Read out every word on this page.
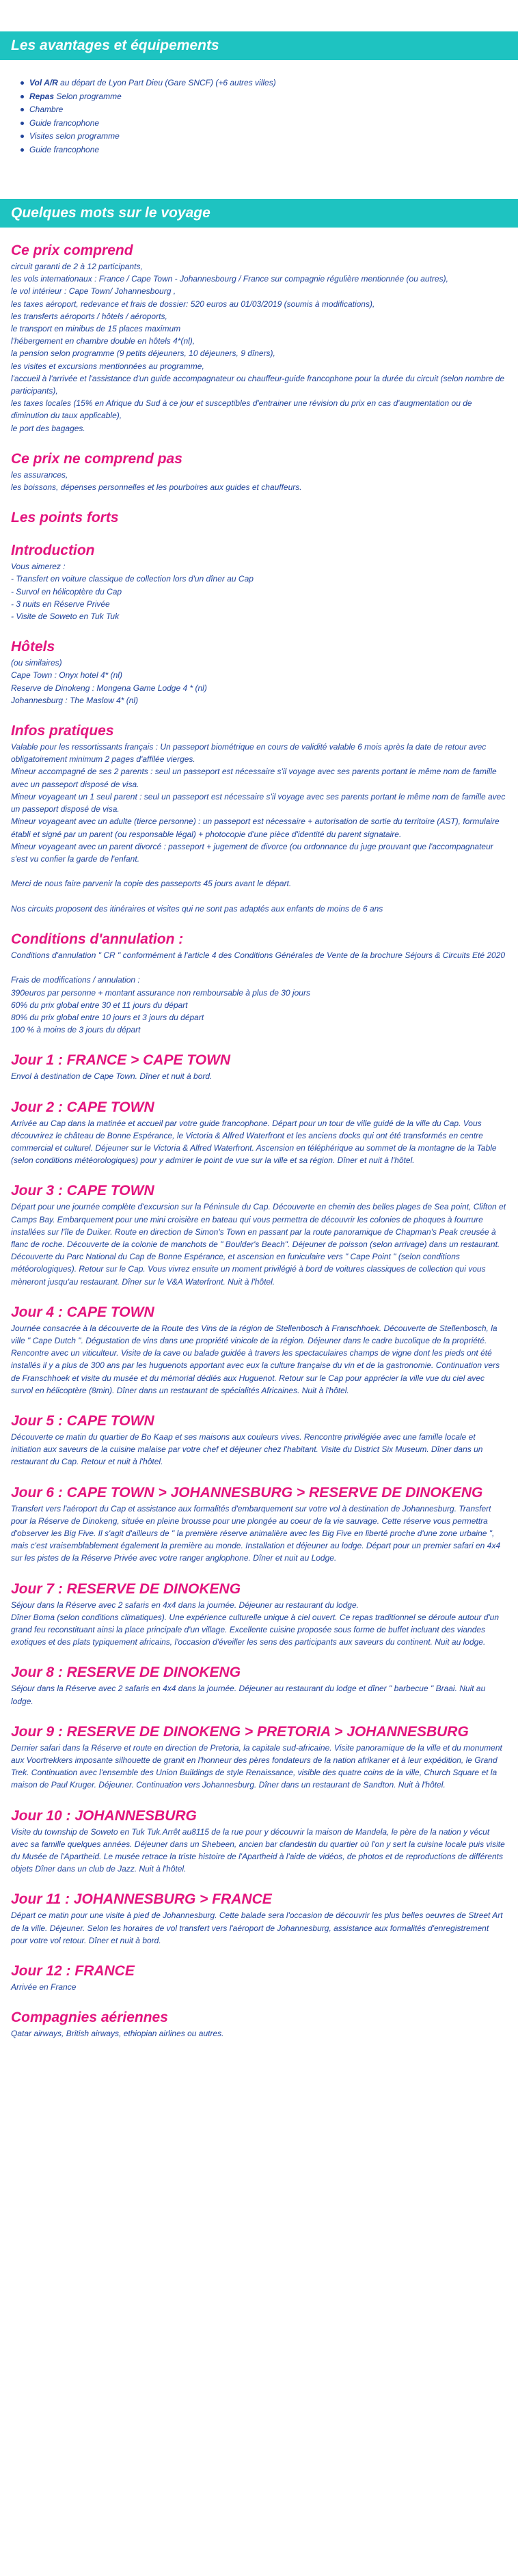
Les avantages et équipements
Vol A/R au départ de Lyon Part Dieu (Gare SNCF) (+6 autres villes)
Repas Selon programme
Chambre
Guide francophone
Visites selon programme
Guide francophone
Quelques mots sur le voyage
Ce prix comprend
circuit garanti de 2 à 12 participants,
les vols internationaux : France / Cape Town - Johannesbourg / France sur compagnie régulière mentionnée (ou autres),
le vol intérieur : Cape Town/ Johannesbourg ,
les taxes aéroport, redevance et frais de dossier: 520 euros au 01/03/2019 (soumis à modifications),
les transferts aéroports / hôtels / aéroports,
le transport en minibus de 15 places maximum
l'hébergement en chambre double en hôtels 4*(nl),
la pension selon programme (9 petits déjeuners, 10 déjeuners, 9 dîners),
les visites et excursions mentionnées au programme,
l'accueil à l'arrivée et l'assistance d'un guide accompagnateur ou chauffeur-guide francophone pour la durée du circuit (selon nombre de participants),
les taxes locales (15% en Afrique du Sud à ce jour et susceptibles d'entrainer une révision du prix en cas d'augmentation ou de diminution du taux applicable),
le port des bagages.
Ce prix ne comprend pas
les assurances,
les boissons, dépenses personnelles et les pourboires aux guides et chauffeurs.
Les points forts
Introduction
Vous aimerez :
- Transfert en voiture classique de collection lors d'un dîner au Cap
- Survol en hélicoptère du Cap
- 3 nuits en Réserve Privée
- Visite de Soweto en Tuk Tuk
Hôtels
(ou similaires)
Cape Town : Onyx hotel 4* (nl)
Reserve de Dinokeng : Mongena Game Lodge 4 * (nl)
Johannesburg : The Maslow 4* (nl)
Infos pratiques
Valable pour les ressortissants français : Un passeport biométrique en cours de validité valable 6 mois après la date de retour avec obligatoirement minimum 2 pages d'affilée vierges.
Mineur accompagné de ses 2 parents : seul un passeport est nécessaire s'il voyage avec ses parents portant le même nom de famille avec un passeport disposé de visa.
Mineur voyageant un 1 seul parent : seul un passeport est nécessaire s'il voyage avec ses parents portant le même nom de famille avec un passeport disposé de visa.
Mineur voyageant avec un adulte (tierce personne) : un passeport est nécessaire + autorisation de sortie du territoire (AST), formulaire établi et signé par un parent (ou responsable légal) + photocopie d'une pièce d'identité du parent signataire.
Mineur voyageant avec un parent divorcé : passeport + jugement de divorce (ou ordonnance du juge prouvant que l'accompagnateur s'est vu confier la garde de l'enfant.

Merci de nous faire parvenir la copie des passeports 45 jours avant le départ.

Nos circuits proposent des itinéraires et visites qui ne sont pas adaptés aux enfants de moins de 6 ans
Conditions d'annulation :
Conditions d'annulation " CR " conformément à l'article 4 des Conditions Générales de Vente de la brochure Séjours & Circuits Eté 2020

Frais de modifications / annulation :
390euros par personne + montant assurance non remboursable à plus de 30 jours
60% du prix global entre 30 et 11 jours du départ
80% du prix global entre 10 jours et 3 jours du départ
100 % à moins de 3 jours du départ
Jour 1 : FRANCE > CAPE TOWN
Envol à destination de Cape Town. Dîner et nuit à bord.
Jour 2 : CAPE TOWN
Arrivée au Cap dans la matinée et accueil par votre guide francophone. Départ pour un tour de ville guidé de la ville du Cap. Vous découvrirez le château de Bonne Espérance, le Victoria & Alfred Waterfront et les anciens docks qui ont été transformés en centre commercial et culturel. Déjeuner sur le Victoria & Alfred Waterfront. Ascension en téléphérique au sommet de la montagne de la Table (selon conditions météorologiques) pour y admirer le point de vue sur la ville et sa région. Dîner et nuit à l'hôtel.
Jour 3 : CAPE TOWN
Départ pour une journée complète d'excursion sur la Péninsule du Cap. Découverte en chemin des belles plages de Sea point, Clifton et Camps Bay. Embarquement pour une mini croisière en bateau qui vous permettra de découvrir les colonies de phoques à fourrure installées sur l'île de Duiker. Route en direction de Simon's Town en passant par la route panoramique de Chapman's Peak creusée à flanc de roche. Découverte de la colonie de manchots de " Boulder's Beach". Déjeuner de poisson (selon arrivage) dans un restaurant. Découverte du Parc National du Cap de Bonne Espérance, et ascension en funiculaire vers " Cape Point " (selon conditions météorologiques). Retour sur le Cap. Vous vivrez ensuite un moment privilégié à bord de voitures classiques de collection qui vous mèneront jusqu'au restaurant. Dîner sur le V&A Waterfront. Nuit à l'hôtel.
Jour 4 : CAPE TOWN
Journée consacrée à la découverte de la Route des Vins de la région de Stellenbosch à Franschhoek. Découverte de Stellenbosch, la ville " Cape Dutch ". Dégustation de vins dans une propriété vinicole de la région. Déjeuner dans le cadre bucolique de la propriété. Rencontre avec un viticulteur. Visite de la cave ou balade guidée à travers les spectaculaires champs de vigne dont les pieds ont été installés il y a plus de 300 ans par les huguenots apportant avec eux la culture française du vin et de la gastronomie. Continuation vers de Franschhoek et visite du musée et du mémorial dédiés aux Huguenot. Retour sur le Cap pour apprécier la ville vue du ciel avec survol en hélicoptère (8min). Dîner dans un restaurant de spécialités Africaines. Nuit à l'hôtel.
Jour 5 : CAPE TOWN
Découverte ce matin du quartier de Bo Kaap et ses maisons aux couleurs vives. Rencontre privilégiée avec une famille locale et initiation aux saveurs de la cuisine malaise par votre chef et déjeuner chez l'habitant. Visite du District Six Museum. Dîner dans un restaurant du Cap. Retour et nuit à l'hôtel.
Jour 6 : CAPE TOWN > JOHANNESBURG > RESERVE DE DINOKENG
Transfert vers l'aéroport du Cap et assistance aux formalités d'embarquement sur votre vol à destination de Johannesburg. Transfert pour la Réserve de Dinokeng, située en pleine brousse pour une plongée au coeur de la vie sauvage. Cette réserve vous permettra d'observer les Big Five. Il s'agit d'ailleurs de " la première réserve animalière avec les Big Five en liberté proche d'une zone urbaine ", mais c'est vraisemblablement également la première au monde. Installation et déjeuner au lodge. Départ pour un premier safari en 4x4 sur les pistes de la Réserve Privée avec votre ranger anglophone. Dîner et nuit au Lodge.
Jour 7 : RESERVE DE DINOKENG
Séjour dans la Réserve avec 2 safaris en 4x4 dans la journée. Déjeuner au restaurant du lodge.
Dîner Boma (selon conditions climatiques). Une expérience culturelle unique à ciel ouvert. Ce repas traditionnel se déroule autour d'un grand feu reconstituant ainsi la place principale d'un village. Excellente cuisine proposée sous forme de buffet incluant des viandes exotiques et des plats typiquement africains, l'occasion d'éveiller les sens des participants aux saveurs du continent. Nuit au lodge.
Jour 8 : RESERVE DE DINOKENG
Séjour dans la Réserve avec 2 safaris en 4x4 dans la journée. Déjeuner au restaurant du lodge et dîner " barbecue " Braai. Nuit au lodge.
Jour 9 : RESERVE DE DINOKENG > PRETORIA > JOHANNESBURG
Dernier safari dans la Réserve et route en direction de Pretoria, la capitale sud-africaine. Visite panoramique de la ville et du monument aux Voortrekkers imposante silhouette de granit en l'honneur des pères fondateurs de la nation afrikaner et à leur expédition, le Grand Trek. Continuation avec l'ensemble des Union Buildings de style Renaissance, visible des quatre coins de la ville, Church Square et la maison de Paul Kruger. Déjeuner. Continuation vers Johannesburg. Dîner dans un restaurant de Sandton. Nuit à l'hôtel.
Jour 10 : JOHANNESBURG
Visite du township de Soweto en Tuk Tuk.Arrêt au8115 de la rue pour y découvrir la maison de Mandela, le père de la nation y vécut avec sa famille quelques années. Déjeuner dans un Shebeen, ancien bar clandestin du quartier où l'on y sert la cuisine locale puis visite du Musée de l'Apartheid. Le musée retrace la triste histoire de l'Apartheid à l'aide de vidéos, de photos et de reproductions de différents objets Dîner dans un club de Jazz. Nuit à l'hôtel.
Jour 11 : JOHANNESBURG > FRANCE
Départ ce matin pour une visite à pied de Johannesburg. Cette balade sera l'occasion de découvrir les plus belles oeuvres de Street Art de la ville. Déjeuner. Selon les horaires de vol transfert vers l'aéroport de Johannesburg, assistance aux formalités d'enregistrement pour votre vol retour. Dîner et nuit à bord.
Jour 12 : FRANCE
Arrivée en France
Compagnies aériennes
Qatar airways, British airways, ethiopian airlines ou autres.
